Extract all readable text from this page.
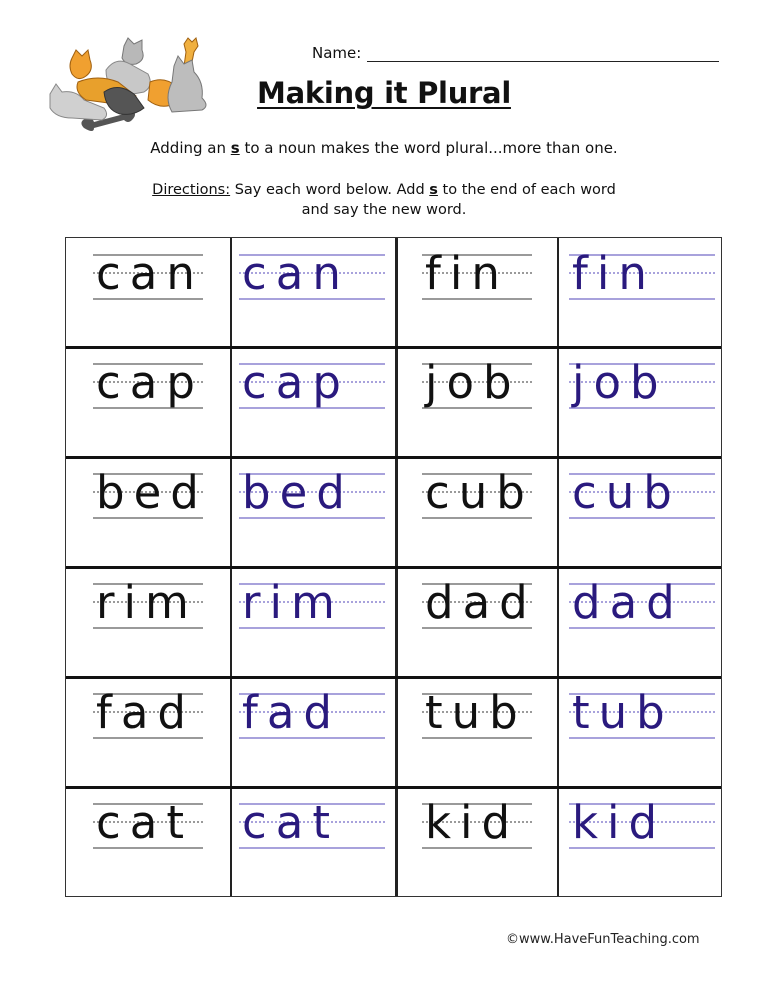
Name:
Making it Plural
Adding an s to a noun makes the word plural...more than one.
Directions: Say each word below. Add s to the end of each word
and say the new word.
can can fin fin
cap cap job job
bed bed cub cub
rim rim dad dad
fad fad tub tub
cat cat kid kid
©www.HaveFunTeaching.com
